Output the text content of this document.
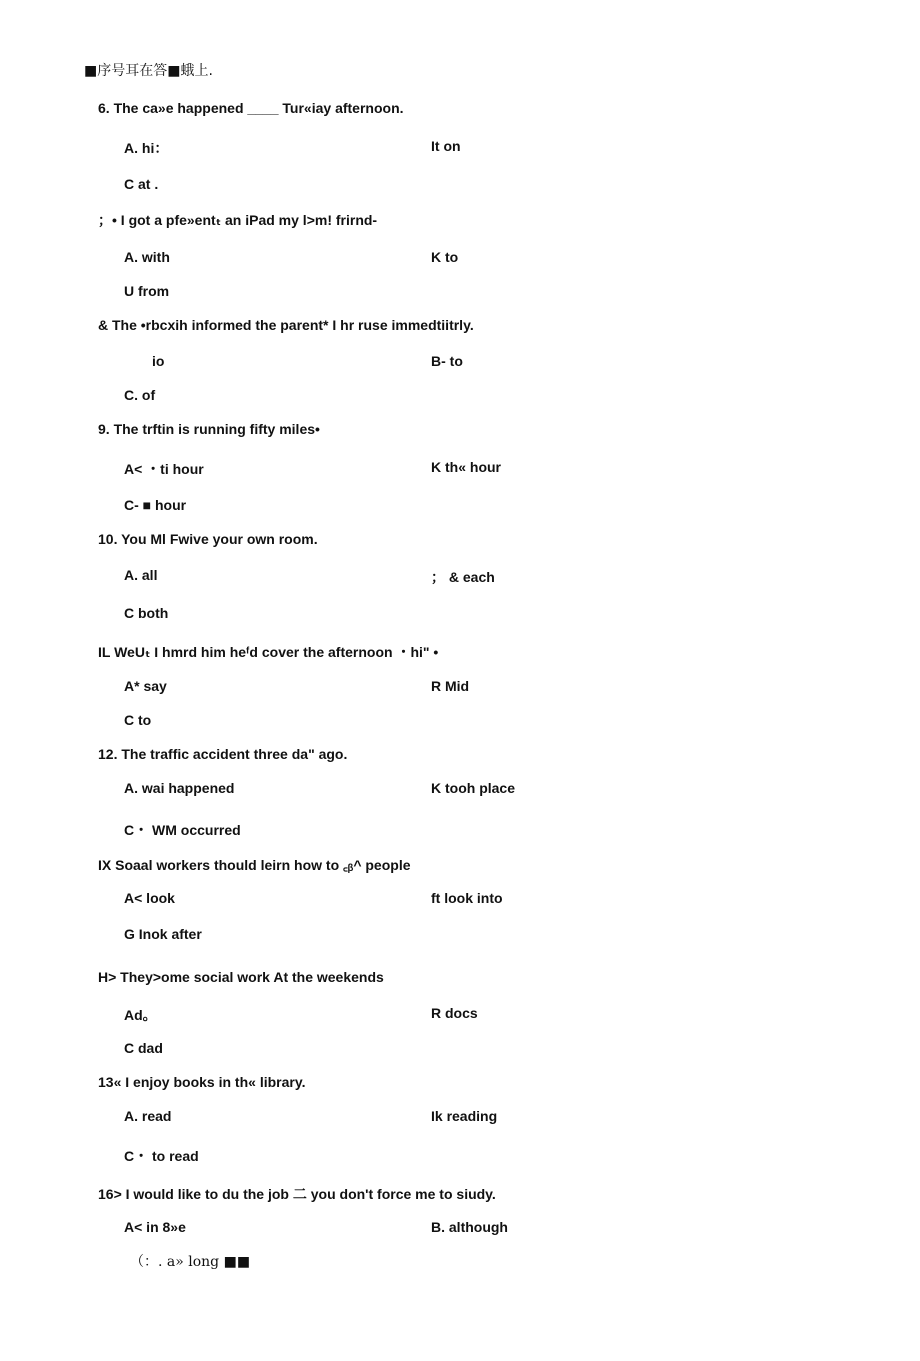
■序号耳在答■蛾上.
6. The ca»e happened ____ Tur«iay afternoon.
A. hi：	It on
C at .
；• I got a pfe»entₜ an iPad my l>m! frirnd-
A. with	K to
U from
& The •rbcxih informed the parent* I hr ruse immedtiitrly.
io	B- to
C. of
9. The trftin is running fifty miles•
A< ・ti hour	K th« hour
C- ■ hour
10. You Ml Fwive your own room.
A. all	； & each
C both
IL WeUₜ I hmrd him heᶠd cover the afternoon ・hi" •
A* say	R Mid
C to
12. The traffic accident three da" ago.
A. wai happened	K tooh place
C・ WM occurred
IX Soaal workers thould leirn how to ꜀ᵦ^ people
A< look	ft look into
G Inok after
H> They>ome social work At the weekends
Ad。	R docs
C dad
13« I enjoy books in th« library.
A. read	Ik reading
C・ to read
16> I would like to du the job 二 you don't force me to siudy.
A< in 8»e	B. although
（：. a» long ■■
